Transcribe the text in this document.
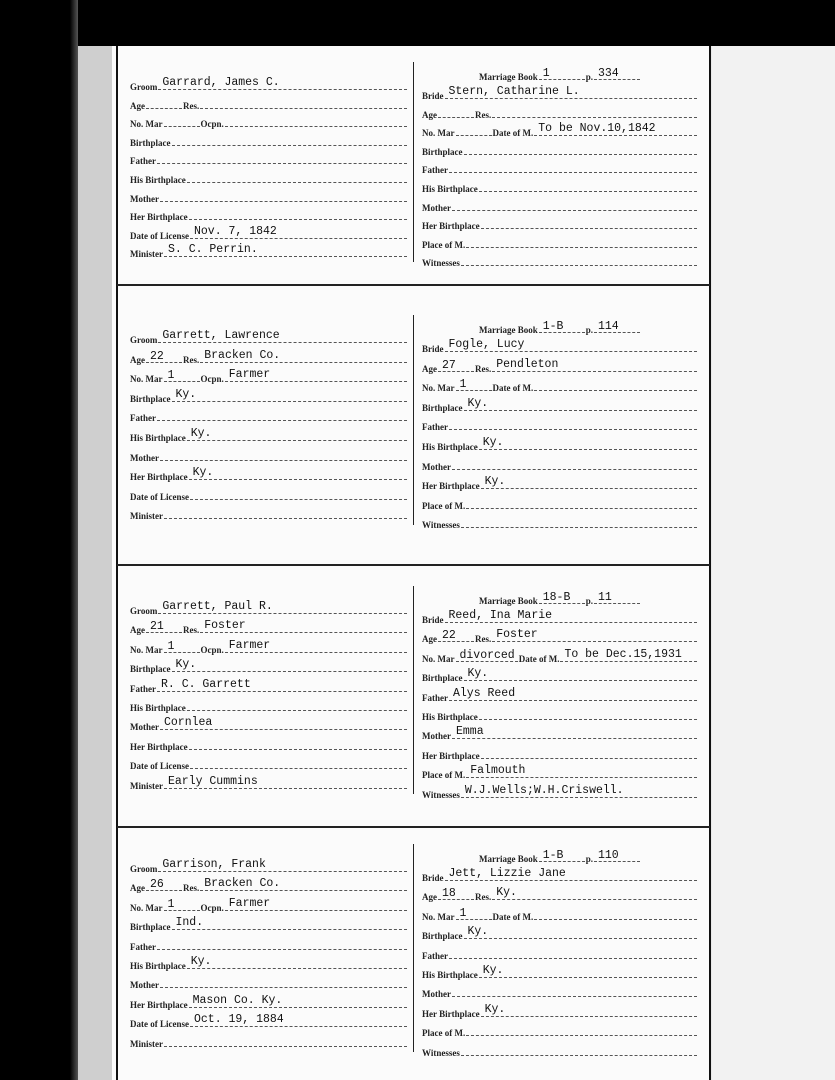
Groom Garrard, James C.
Age	Res.
No. Mar	Ocpn.
Birthplace
Father
His Birthplace
Mother
Her Birthplace
Date of License Nov. 7, 1842
Minister S. C. Perrin.
Marriage Book 1	p. 334
Bride Stern, Catharine L.
Age	Res.
No. Mar	Date of M. To be Nov.10,1842
Birthplace
Father
His Birthplace
Mother
Her Birthplace
Place of M.
Witnesses
Groom Garrett, Lawrence
Age 22	Res. Bracken Co.
No. Mar 1	Ocpn. Farmer
Birthplace Ky.
Father
His Birthplace Ky.
Mother
Her Birthplace Ky.
Date of License
Minister
Marriage Book 1-B	p. 114
Bride Fogle, Lucy
Age 27	Res. Pendleton
No. Mar 1	Date of M.
Birthplace Ky.
Father
His Birthplace Ky.
Mother
Her Birthplace Ky.
Place of M.
Witnesses
Groom Garrett, Paul R.
Age 21	Res. Foster
No. Mar 1	Ocpn. Farmer
Birthplace Ky.
Father R. C. Garrett
His Birthplace
Mother Cornlea
Her Birthplace
Date of License
Minister Early Cummins
Marriage Book 18-B	p. 11
Bride Reed, Ina Marie
Age 22	Res. Foster
No. Mar divorced Date of M. To be Dec.15,1931
Birthplace Ky.
Father Alys Reed
His Birthplace
Mother Emma
Her Birthplace
Place of M. Falmouth
Witnesses W.J.Wells;W.H.Criswell.
Groom Garrison, Frank
Age 26	Res. Bracken Co.
No. Mar 1	Ocpn. Farmer
Birthplace Ind.
Father
His Birthplace Ky.
Mother
Her Birthplace Mason Co. Ky.
Date of License Oct. 19, 1884
Minister
Marriage Book 1-B	p. 110
Bride Jett, Lizzie Jane
Age 18	Res. Ky.
No. Mar 1	Date of M.
Birthplace Ky.
Father
His Birthplace Ky.
Mother
Her Birthplace Ky.
Place of M.
Witnesses
